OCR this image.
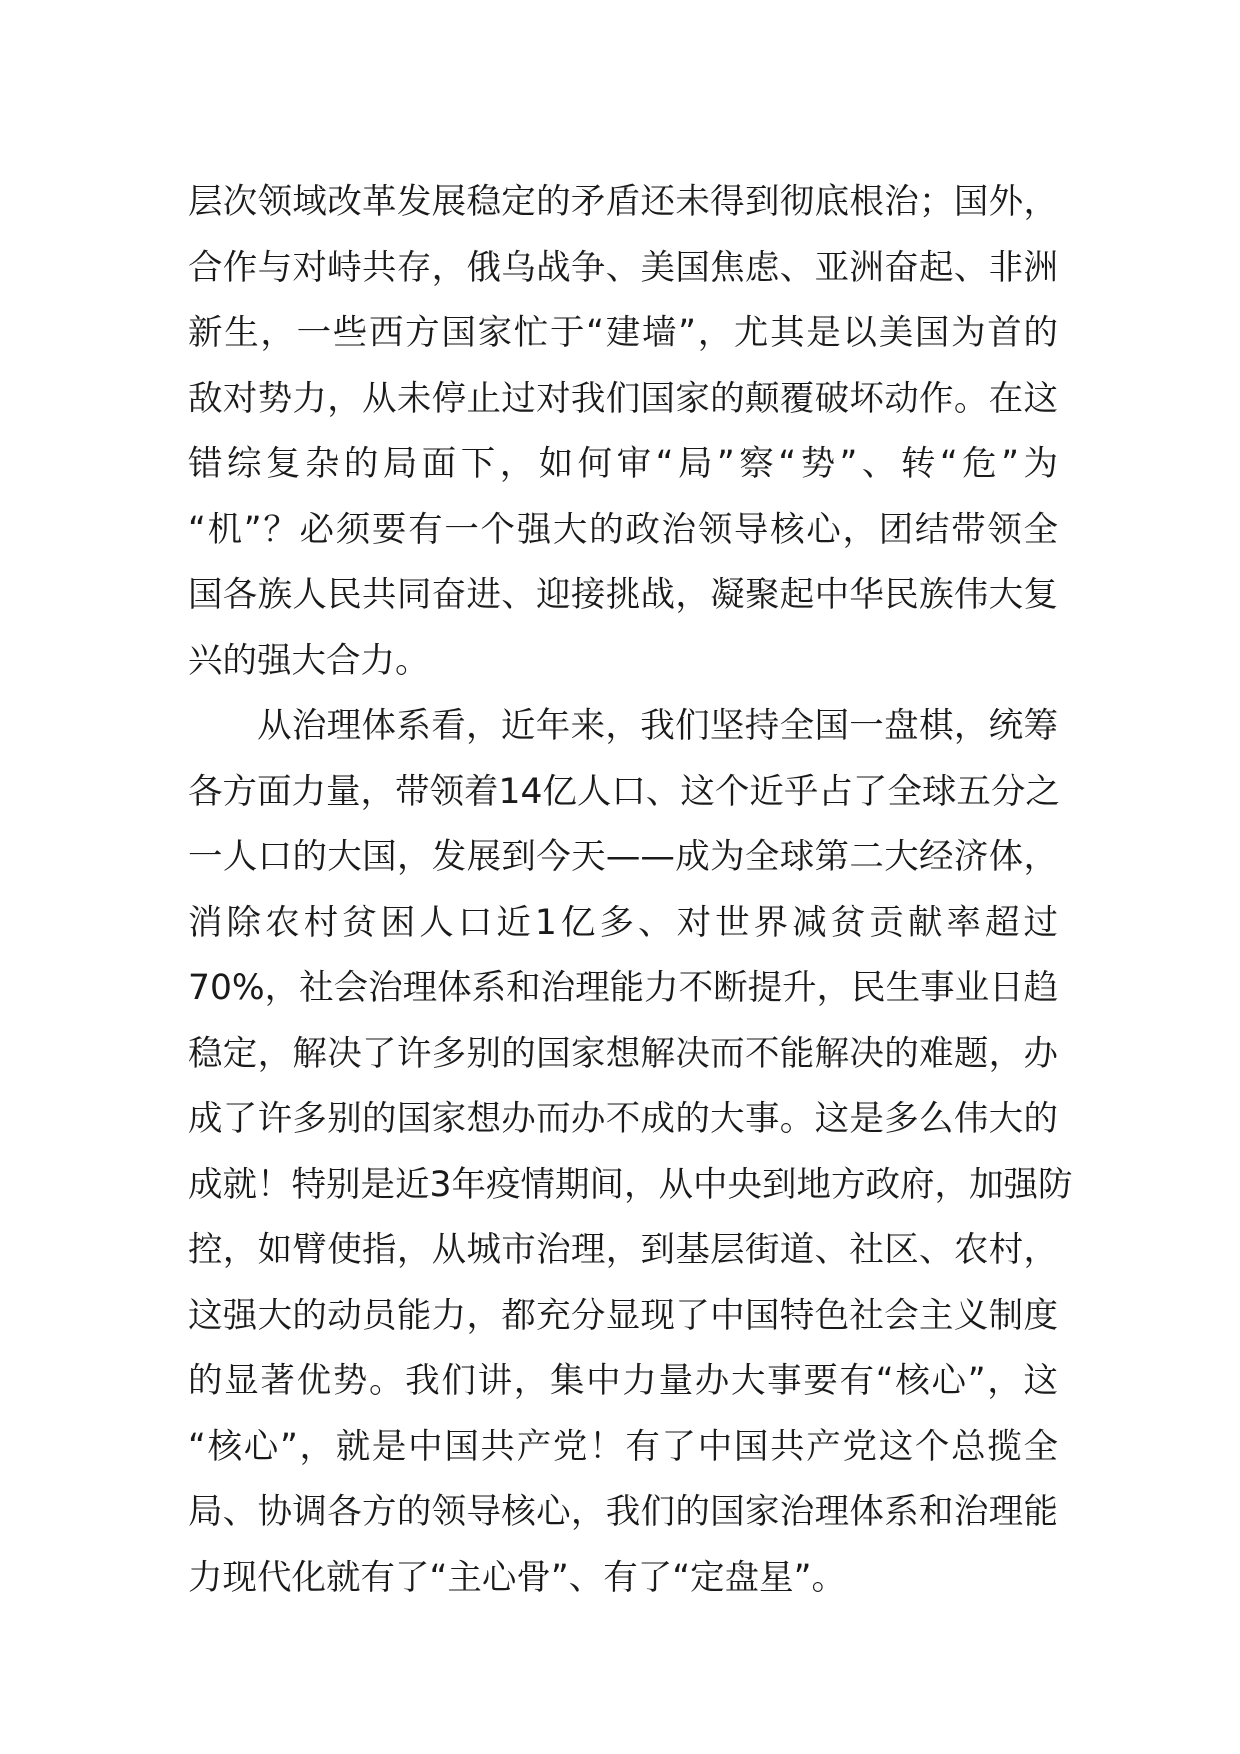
层次领域改革发展稳定的矛盾还未得到彻底根治；国外，
合作与对峙共存，俄乌战争、美国焦虑、亚洲奋起、非洲
新生，一些西方国家忙于“建墙”，尤其是以美国为首的
敌对势力，从未停止过对我们国家的颠覆破坏动作。在这
错综复杂的局面下，如何审“局”察“势”、转“危”为
“机”？必须要有一个强大的政治领导核心，团结带领全
国各族人民共同奋进、迎接挑战，凝聚起中华民族伟大复
兴的强大合力。
从治理体系看，近年来，我们坚持全国一盘棋，统筹
各方面力量，带领着14亿人口、这个近乎占了全球五分之
一人口的大国，发展到今天——成为全球第二大经济体，
消除农村贫困人口近1亿多、对世界减贫贡献率超过
70%，社会治理体系和治理能力不断提升，民生事业日趋
稳定，解决了许多别的国家想解决而不能解决的难题，办
成了许多别的国家想办而办不成的大事。这是多么伟大的
成就！特别是近3年疫情期间，从中央到地方政府，加强防
控，如臂使指，从城市治理，到基层街道、社区、农村，
这强大的动员能力，都充分显现了中国特色社会主义制度
的显著优势。我们讲，集中力量办大事要有“核心”，这
“核心”，就是中国共产党！有了中国共产党这个总揽全
局、协调各方的领导核心，我们的国家治理体系和治理能
力现代化就有了“主心骨”、有了“定盘星”。
